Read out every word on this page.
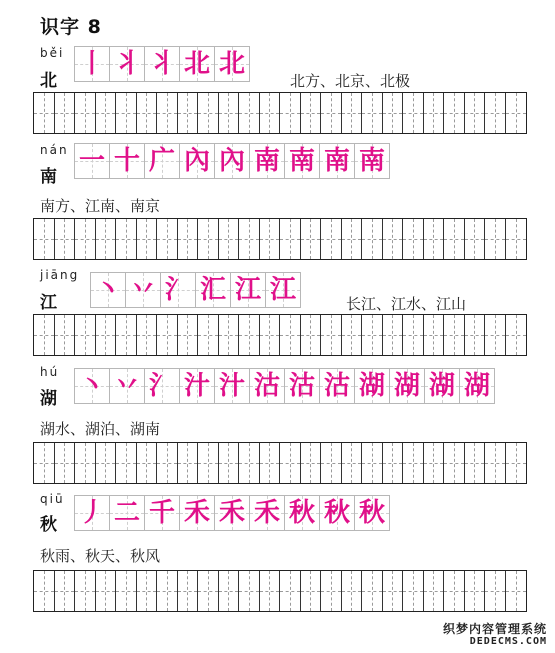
识字 8
běi
北
丨 丬 丬 北 北
北方、北京、北极
nán
南
一 十 广 內 內 南 南 南 南
南方、江南、南京
jiāng
江 丶 丷 氵 汇 江 江	长江、江水、江山
hú
湖 丶 丷 氵 汁 汁 沽 沽 沽 湖 湖 湖 湖
湖水、湖泊、湖南
qiū
秋 丿 二 千 禾 禾 禾 秋 秋 秋
秋雨、秋天、秋风
织梦内容管理系统
DEDECMS.COM
